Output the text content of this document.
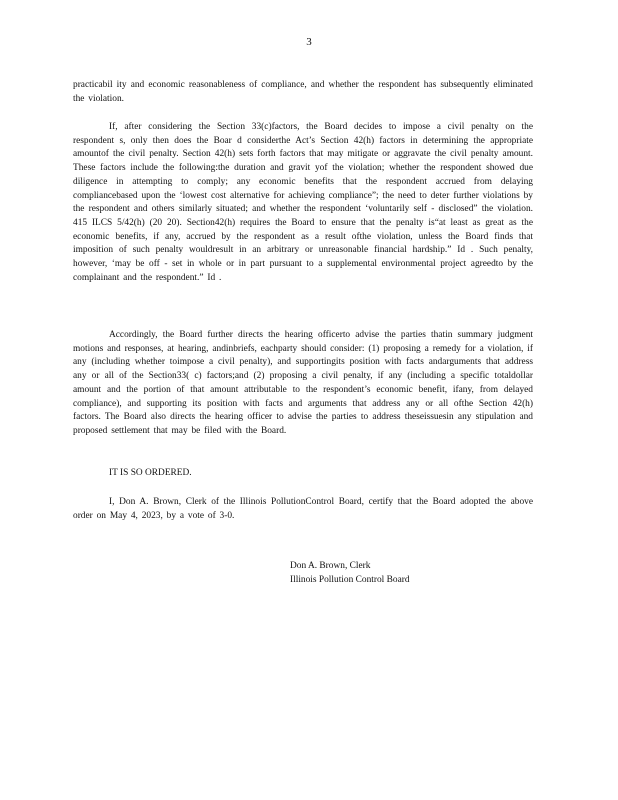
3

practicabil ity and economic reasonableness of compliance, and whether the respondent has subsequently eliminated the violation.

If, after considering the Section 33(c)factors, the Board decides to impose a civil penalty on the respondent s, only then does the Boar d considerthe Act’s Section 42(h) factors in determining the appropriate amountof the civil penalty. Section 42(h) sets forth factors that may mitigate or aggravate the civil penalty amount. These factors include the following:the duration and gravit yof the violation; whether the respondent showed due diligence in attempting to comply; any economic benefits that the respondent accrued from delaying compliancebased upon the ‘lowest cost alternative for achieving compliance”; the need to deter further violations by the respondent and others similarly situated; and whether the respondent ‘voluntarily self - disclosed” the violation. 415 ILCS 5/42(h) (20 20). Section42(h) requires the Board to ensure that the penalty is“at least as great as the economic benefits, if any, accrued by the respondent as a result ofthe violation, unless the Board finds that imposition of such penalty wouldresult in an arbitrary or unreasonable financial hardship.” Id . Such penalty, however, ‘may be off - set in whole or in part pursuant to a supplemental environmental project agreedto by the complainant and the respondent.” Id .

Accordingly, the Board further directs the hearing officerto advise the parties thatin summary judgment motions and responses, at hearing, andinbriefs, eachparty should consider: (1) proposing a remedy for a violation, if any (including whether toimpose a civil penalty), and supportingits position with facts andarguments that address any or all of the Section33( c) factors;and (2) proposing a civil penalty, if any (including a specific totaldollar amount and the portion of that amount attributable to the respondent’s economic benefit, ifany, from delayed compliance), and supporting its position with facts and arguments that address any or all ofthe Section 42(h) factors. The Board also directs the hearing officer to advise the parties to address theseissuesin any stipulation and proposed settlement that may be filed with the Board.

IT IS SO ORDERED.

I, Don A. Brown, Clerk of the Illinois PollutionControl Board, certify that the Board adopted the above order on May 4, 2023, by a vote of 3-0.

Don A. Brown, Clerk
Illinois Pollution Control Board
